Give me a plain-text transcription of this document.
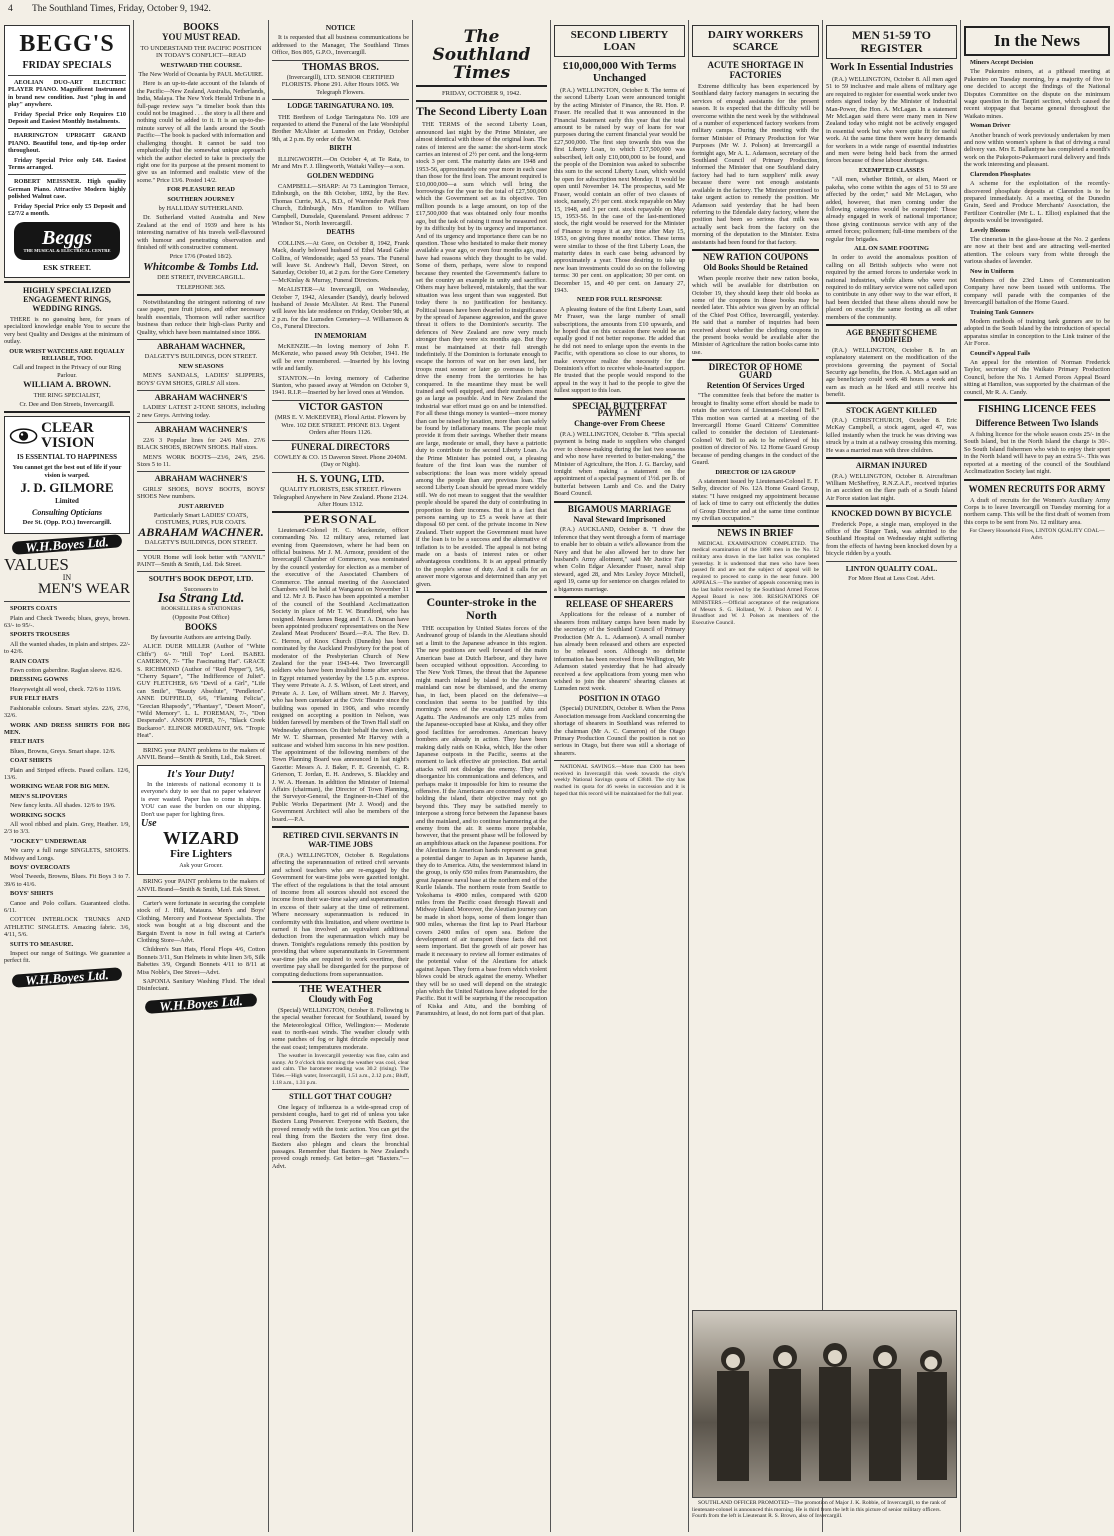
4 The Southland Times, Friday, October 9, 1942.
BEGG'S
FRIDAY SPECIALS

AEOLIAN DUO-ART ELECTRIC PLAYER PIANO. Magnificent Instrument in brand new condition. Just "plug in and play" anywhere.

Friday Special Price only Requires £10 Deposit and Easiest Monthly Instalments.

HARRINGTON UPRIGHT GRAND PIANO. Beautiful tone, and tip-top order throughout.

Friday Special Price only £48. Easiest Terms arranged.

ROBERT MEISSNER. High quality German Piano. Attractive Modern highly polished Walnut case.

Friday Special Price only £5 Deposit and £2/7/2 a month.

Beggs
THE MUSICAL & ELECTRICAL CENTRE
ESK STREET.
HIGHLY SPECIALIZED ENGAGEMENT RINGS, WEDDING RINGS.

THERE is no guessing here, for years of specialized knowledge enable You to secure the very best Quality and Designs at the minimum of outlay.

OUR WRIST WATCHES ARE EQUALLY RELIABLE, TOO.

Call and Inspect in the Privacy of our Ring Parlour.

WILLIAM A. BROWN.

THE RING SPECIALIST,

Cr. Dee and Don Streets, Invercargill.

CLEAR VISION
IS ESSENTIAL TO HAPPINESS

You cannot get the best out of life if your vision is warped.

J. D. GILMORE
Limited
Consulting Opticians
Dee St. (Opp. P.O.) Invercargill.
W.H.Boyes Ltd.
VALUES
IN
MEN'S WEAR

SPORTS COATS

Plain and Check Tweeds; blues, greys, brown. 63/- to 95/-.

SPORTS TROUSERS

All the wanted shades, in plain and stripes. 22/- to 42/6.

RAIN COATS

Fawn cotton gaberdine. Raglan sleeve. 82/6.

DRESSING GOWNS

Heavyweight all wool, check. 72/6 to 119/6.

FUR FELT HATS

Fashionable colours. Smart styles. 22/6, 27/6, 32/6.

WORK AND DRESS SHIRTS FOR BIG MEN.

FELT HATS

Blues, Browns, Greys. Smart shape. 12/6.

COAT SHIRTS

Plain and Striped effects. Fused collars. 12/6, 13/6.

WORKING WEAR FOR BIG MEN.

MEN'S SLIPOVERS

New fancy knits. All shades. 12/6 to 19/6.

WORKING SOCKS

All wool ribbed and plain. Grey, Heather. 1/9, 2/3 to 3/3.

"JOCKEY" UNDERWEAR

We carry a full range SINGLETS, SHORTS. Midway and Longs.

BOYS' OVERCOATS

Wool Tweeds, Browns, Blues. Fit Boys 3 to 7. 39/6 to 41/6.

BOYS' SHIRTS

Canoe and Polo collars. Guaranteed cloths. 6/11.

COTTON INTERLOCK TRUNKS AND ATHLETIC SINGLETS. Amazing fabric. 3/6, 4/11, 5/6.

SUITS TO MEASURE.

Inspect our range of Suitings. We guarantee a perfect fit.

W.H.Boyes Ltd.
BOOKS
YOU MUST READ.

TO UNDERSTAND THE PACIFIC POSITION IN TODAY'S CONFLICT—READ

WESTWARD THE COURSE.

The New World of Oceania by PAUL McGUIRE.

Here is an up-to-date account of the Islands of the Pacific—New Zealand, Australia, Netherlands, India, Malaya. The New York Herald Tribune in a full-page review says "a timelier book than this could not be imagined . . . the story is all there and nothing could be added to it. It is an up-to-the-minute survey of all the lands around the South Pacific—The book is packed with information and challenging thought. It cannot be said too emphatically that the somewhat unique approach which the author elected to take is precisely the right one for its purpose at the present moment to give us an informed and realistic view of the scene." Price 13/6. Posted 14/2.

FOR PLEASURE READ

SOUTHERN JOURNEY

by HALLIDAY SUTHERLAND.

Dr. Sutherland visited Australia and New Zealand at the end of 1939 and here is his interesting narrative of his travels well-flavoured with humour and penetrating observation and finished off with constructive comment.

Price 17/6 (Posted 18/2).

Whitcombe & Tombs Ltd.

DEE STREET, INVERCARGILL.

TELEPHONE 365.

Notwithstanding the stringent rationing of raw case paper, pure fruit juices, and other necessary health essentials, Thomson will rather sacrifice business than reduce their high-class Purity and Quality, which have been maintained since 1866.

ABRAHAM WACHNER,

DALGETY'S BUILDINGS, DON STREET.

NEW SEASONS

MEN'S SANDALS, LADIES' SLIPPERS, BOYS' GYM SHOES, GIRLS' All sizes.

ABRAHAM WACHNER'S

LADIES' LATEST 2-TONE SHOES, including 2 new Greys. Arriving today.

ABRAHAM WACHNER'S

22/6 3 Popular lines for 24/6 Men. 27/6 BLACK SHOES, BROWN SHOES. Half sizes.

MEN'S WORK BOOTS—23/6, 24/6, 25/6. Sizes 5 to 11.

ABRAHAM WACHNER'S

GIRLS' SHOES, BOYS' BOOTS, BOYS' SHOES New numbers.

JUST ARRIVED

Particularly Smart LADIES' COATS, COSTUMES, FURS, FUR COATS.

ABRAHAM WACHNER.

DALGETY'S BUILDINGS, DON STREET.

YOUR Home will look better with "ANVIL" PAINT—Smith & Smith, Ltd. Esk Street.

SOUTH'S BOOK DEPOT, LTD.

Successors to

Isa Strang Ltd.

BOOKSELLERS & STATIONERS

(Opposite Post Office)

BOOKS

By favourite Authors are arriving Daily.

ALICE DUER MILLER (Author of "White Cliffs") 6/- "Hill Top" Lord. ISABEL CAMERON, 7/- "The Fascinating Hat". GRACE S. RICHMOND (Author of "Red Pepper"), 5/6, "Cherry Square", "The Indifference of Juliet". GUY FLETCHER, 6/6 "Devil of a Girl", "Life can Smile", "Beauty Absolute", "Pendleton". ANNE DUFFIELD, 6/6, "Flaming Felicia", "Grecian Rhapsody", "Phantasy", "Desert Moon", "Wild Memory". L. L. FOREMAN, 7/-, "Don Desperado". ANSON PIPER, 7/-, "Black Creek Buckaroo". ELINOR MORDAUNT, 9/6. "Tropic Heat".

BRING your PAINT problems to the makers of ANVIL Brand—Smith & Smith, Ltd., Esk Street.

It's Your Duty!

In the interests of national economy it is everyone's duty to see that no paper whatever is ever wasted. Paper has to come in ships. YOU can ease the burden on our shipping. Don't use paper for lighting fires.

Use
WIZARD
Fire Lighters

Ask your Grocer.

BRING your PAINT problems to the makers of ANVIL Brand—Smith & Smith, Ltd. Esk Street.

Carter's were fortunate in securing the complete stock of J. Hill, Mataura. Men's and Boys' Clothing, Mercery and Footwear Specialists. The stock was bought at a big discount and the Bargain Event is now in full swing at Carter's Clothing Store—Advt.

Children's Sun Hats, Floral Flops 4/6, Cotton Bonnets 3/11, Sun Helmets in white linen 3/6, Silk Babettes 3/9, Organdi Bonnets 4/11 to 8/11 at Miss Noble's, Dee Street—Advt.

SAPONIA Sanitary Washing Fluid. The ideal Disinfectant.

W.H.Boyes Ltd.
NOTICE

It is requested that all business communications be addressed to the Manager, The Southland Times Office, Box 805, G.P.O., Invercargill.

THOMAS BROS.

(Invercargill), LTD. SENIOR CERTIFIED FLORISTS. Phone 291. After Hours 1065. We Telegraph Flowers.

LODGE TARINGATURA NO. 109.

THE Brethren of Lodge Taringatura No. 109 are requested to attend the Funeral of the late Worshipful Brother McAlister at Lumsden on Friday, October 9th, at 2 p.m. By order of the W.M.

BIRTH

ILLINGWORTH.—On October 4, at Te Rata, to Mr and Mrs F. J. Illingworth, Waitaki Valley—a son.

GOLDEN WEDDING

CAMPBELL—SHARP: At 73 Lamington Terrace, Edinburgh, on the 8th October, 1892, by the Rev. Thomas Currie, M.A., B.D., of Warrender Park Free Church, Edinburgh, Mrs Hamilton to William Campbell, Dunsdale, Queensland. Present address: 7 Windsor St., North Invercargill.

DEATHS

COLLINS.—At Gore, on October 8, 1942, Frank Mack, dearly beloved husband of Ethel Maud Gabie Collins, of Wendonside; aged 53 years. The Funeral will leave St. Andrew's Hall, Devon Street, on Saturday, October 10, at 2 p.m. for the Gore Cemetery—McKinlay & Murray, Funeral Directors.

McALISTER—At Invercargill, on Wednesday, October 7, 1942, Alexander (Sandy), dearly beloved husband of Jessie McAlister. At Rest. The Funeral will leave his late residence on Friday, October 9th, at 2 p.m. for the Lumsden Cemetery—J. Williamson & Co., Funeral Directors.

IN MEMORIAM

McKENZIE.—In loving memory of John F. McKenzie, who passed away 9th October, 1941. He will be ever remembered. —Inserted by his loving wife and family.

STANTON.—In loving memory of Catherine Stanton, who passed away at Wendon on October 9, 1941. R.I.P.—Inserted by her loved ones at Wendon.

VICTOR GASTON

(MRS E. V. McKEEVER), Floral Artist. Flowers by Wire. 102 DEE STREET. PHONE 813. Urgent Orders after Hours 1126.

FUNERAL DIRECTORS

COWLEY & CO. 15 Daveron Street. Phone 2040M. (Day or Night).

H. S. YOUNG, LTD.

QUALITY FLORISTS, ESK STREET. Flowers Telegraphed Anywhere in New Zealand. Phone 2124. After Hours 1312.

PERSONAL

Lieutenant-Colonel H. C. Mackenzie, officer commanding No. 12 military area, returned last evening from Queenstown, where he had been on official business. Mr J. M. Armour, president of the Invercargill Chamber of Commerce, was nominated by the council yesterday for election as a member of the executive of the Associated Chambers of Commerce. The annual meeting of the Associated Chambers will be held at Wanganui on November 11 and 12. Mr J. B. Pasco has been appointed a member of the council of the Southland Acclimatization Society in place of Mr T. W. Brandford, who has resigned. Messrs James Begg and T. A. Duncan have been appointed producers' representatives on the New Zealand Meat Producers' Board.—P.A. The Rev. D. C. Herron, of Knox Church (Dunedin) has been nominated by the Auckland Presbytery for the post of moderator of the Presbyterian Church of New Zealand for the year 1943-44. Two Invercargill soldiers who have been invalided home after service in Egypt returned yesterday by the 1.5 p.m. express. They were Private A. J. S. Wilson, of Leet street, and Private A. J. Lee, of William street. Mr J. Harvey, who has been caretaker at the Civic Theatre since the building was opened in 1906, and who recently resigned on accepting a position in Nelson, was bidden farewell by members of the Town Hall staff on Wednesday afternoon. On their behalf the town clerk, Mr W. T. Sharman, presented Mr Harvey with a suitcase and wished him success in his new position. The appointment of the following members of the Town Planning Board was announced in last night's Gazette: Messrs A. J. Baker, F. E. Greenish, C. R. Grierson, T. Jordan, E. H. Andrews, S. Blackley and J. W. A. Heenan. In addition the Minister of Internal Affairs (chairman), the Director of Town Planning, the Surveyor-General, the Engineer-in-Chief of the Public Works Department (Mr J. Wood) and the Government Architect will also be members of the board.—P.A.

RETIRED CIVIL SERVANTS IN WAR-TIME JOBS

(P.A.) WELLINGTON, October 8. Regulations affecting the superannuation of retired civil servants and school teachers who are re-engaged by the Government for war-time jobs were gazetted tonight. The effect of the regulations is that the total amount of income from all sources should not exceed the income from their war-time salary and superannuation in excess of their salary at the time of retirement. Where necessary superannuation is reduced in conformity with this limitation, and where overtime is earned it has involved an equivalent additional deduction from the superannuation which may be drawn. Tonight's regulations remedy this position by providing that where superannuitants in Government war-time jobs are required to work overtime, their overtime pay shall be disregarded for the purpose of computing deductions from superannuation.

THE WEATHER
Cloudy with Fog

(Special) WELLINGTON, October 8. Following is the special weather forecast for Southland, issued by the Meteorological Office, Wellington:— Moderate east to north-east winds. The weather cloudy with some patches of fog or light drizzle especially near the east coast; temperatures moderate.

The weather in Invercargill yesterday was fine, calm and sunny. At 9 o'clock this morning the weather was cool, clear and calm. The barometer reading was 30.2 (rising). The Tides.—High water, Invercargill, 1.51 a.m., 2.12 p.m.; Bluff, 1.18 a.m., 1.31 p.m.

STILL GOT THAT COUGH?

One legacy of influenza is a wide-spread crop of persistent coughs, hard to get rid of unless you take Baxters Lung Preserver. Everyone with Baxters, the proved remedy with the tonic action. You can get the real thing from the Baxters the very first dose. Baxters also phlegm and clears the bronchial passages. Remember that Baxters is New Zealand's proved cough remedy. Get better—get "Baxters."—Advt.

The Southland Times
FRIDAY, OCTOBER 9, 1942.
The Second Liberty Loan

THE TERMS of the second Liberty Loan, announced last night by the Prime Minister, are almost identical with those of the original loan. The rates of interest are the same: the short-term stock carries an interest of 2½ per cent. and the long-term stock 3 per cent. The maturity dates are 1948 and 1953-56, approximately one year more in each case than those for the first loan. The amount required is £10,000,000—a sum which will bring the borrowings for the year to the total of £27,500,000 which the Government set as its objective. Ten million pounds is a large amount, on top of the £17,500,000 that was obtained only four months ago, but the task of raising it must be measured not by its difficulty but by its urgency and importance. And of its urgency and importance there can be no question. Those who hesitated to make their money available a year ago, or even four months ago, may have had reasons which they thought to be valid. Some of them, perhaps, were slow to respond because they resented the Government's failure to set the country an example in unity and sacrifice. Others may have believed, mistakenly, that the war situation was less urgent than was suggested. But today there is no justification for hesitancy. Political issues have been dwarfed to insignificance by the spread of Japanese aggression, and the grave threat it offers to the Dominion's security. The defences of New Zealand are now very much stronger than they were six months ago. But they must be maintained at their full strength indefinitely. If the Dominion is fortunate enough to escape the horrors of war on her own land, her troops must sooner or later go overseas to help drive the enemy from the territories he has conquered. In the meantime they must be well trained and well equipped, and their numbers must go as large as possible. And in New Zealand the industrial war effort must go on and be intensified. For all these things money is wanted—more money than can be raised by taxation, more than can safely be found by inflationary means. The people must provide it from their savings. Whether their means are large, moderate or small, they have a patriotic duty to contribute to the second Liberty Loan. As the Prime Minister has pointed out, a pleasing feature of the first loan was the number of subscriptions: the loan was more widely spread among the people than any previous loan. The second Liberty Loan should be spread more widely still. We do not mean to suggest that the wealthier people should be spared the duty of contributing in proportion to their incomes. But it is a fact that persons earning up to £5 a week have at their disposal 60 per cent. of the private income in New Zealand. Their support the Government must have if the loan is to be a success and the alternative of inflation is to be avoided. The appeal is not being made on a basis of interest rates or other advantageous conditions. It is an appeal primarily to the people's sense of duty. And it calls for an answer more vigorous and determined than any yet given.

Counter-stroke in the North

THE occupation by United States forces of the Andreanof group of islands in the Aleutians should set a limit to the Japanese advance in this region. The new positions are well forward of the main American base at Dutch Harbour, and they have been occupied without opposition. According to The New York Times, the threat that the Japanese might march inland by island to the American mainland can now be dismissed, and the enemy has, in fact, been placed on the defensive—a conclusion that seems to be justified by this morning's news of the evacuation of Attu and Agattu. The Andreanofs are only 125 miles from the Japanese-occupied base at Kiska, and they offer good facilities for aerodromes. American heavy bombers are already in action. They have been making daily raids on Kiska, which, like the other Japanese outposts in the Pacific, seems at the moment to lack effective air protection. But aerial attacks will not dislodge the enemy. They will disorganize his communications and defences, and perhaps make it impossible for him to resume the offensive. If the Americans are concerned only with holding the island, their objective may not go beyond this. They may be satisfied merely to interpose a strong force between the Japanese bases and the mainland, and to continue hammering at the enemy from the air. It seems more probable, however, that the present phase will be followed by an amphibious attack on the Japanese positions. For the Aleutians in American hands represent as great a potential danger to Japan as in Japanese hands, they do to America. Attu, the westernmost island in the group, is only 650 miles from Paramushiro, the great Japanese naval base at the northern end of the Kurile Islands. The northern route from Seattle to Yokohama is 4900 miles, compared with 6200 miles from the Pacific coast through Hawaii and Midway Island. Moreover, the Aleutian journey can be made in short hops, some of them longer than 900 miles, whereas the first lap to Pearl Harbour covers 2400 miles of open sea. Before the development of air transport these facts did not seem important. But the growth of air power has made it necessary to review all former estimates of the potential value of the Aleutians for attack against Japan. They form a base from which violent blows could be struck against the enemy. Whether they will be so used will depend on the strategic plan which the United Nations have adopted for the Pacific. But it will be surprising if the reoccupation of Kiska and Attu, and the bombing of Paramushiro, at least, do not form part of that plan.

SECOND LIBERTY LOAN
£10,000,000 With Terms Unchanged

(P.A.) WELLINGTON, October 8. The terms of the second Liberty Loan were announced tonight by the acting Minister of Finance, the Rt. Hon. P. Fraser. He recalled that it was announced in the Financial Statement early this year that the total amount to be raised by way of loans for war purposes during the current financial year would be £27,500,000. The first step towards this was the first Liberty Loan, to which £17,500,000 was subscribed, left only £10,000,000 to be found, and the people of the Dominion was asked to subscribe this sum to the second Liberty Loan, which would be open for subscription next Monday. It would be open until November 14. The prospectus, said Mr Fraser, would contain an offer of two classes of stock, namely, 2½ per cent. stock repayable on May 15, 1948, and 3 per cent. stock repayable on May 15, 1953-56. In the case of the last-mentioned stock, the right would be reserved for the Minister of Finance to repay it at any time after May 15, 1953, on giving three months' notice. These terms were similar to those of the first Liberty Loan, the maturity dates in each case being advanced by approximately a year. Those desiring to take up new loan investments could do so on the following terms: 30 per cent. on application; 30 per cent. on December 15, and 40 per cent. on January 27, 1943.

NEED FOR FULL RESPONSE

A pleasing feature of the first Liberty Loan, said Mr Fraser, was the large number of small subscriptions, the amounts from £10 upwards, and he hoped that on this occasion there would be an equally good if not better response. He added that he did not need to enlarge upon the events in the Pacific, with operations so close to our shores, to make everyone realize the necessity for the Dominion's effort to receive whole-hearted support. He trusted that the people would respond to the appeal in the way it had to the people to give the fullest support to this loan.

SPECIAL BUTTERFAT PAYMENT
Change-over From Cheese

(P.A.) WELLINGTON, October 8. "This special payment is being made to suppliers who changed over to cheese-making during the last two seasons and who now have reverted to butter-making," the Minister of Agriculture, the Hon. J. G. Barclay, said tonight when making a statement on the appointment of a special payment of 1½d. per lb. of butterfat between Lamb and Co. and the Dairy Board Council.

BIGAMOUS MARRIAGE
Naval Steward Imprisoned

(P.A.) AUCKLAND, October 8. "I draw the inference that they went through a form of marriage to enable her to obtain a wife's allowance from the Navy and that he also allowed her to draw her husband's Army allotment," said Mr Justice Fair when Colin Edgar Alexander Fraser, naval ship steward, aged 28, and Mrs Lesley Joyce Mitchell, aged 19, came up for sentence on charges related to a bigamous marriage.

RELEASE OF SHEARERS

Applications for the release of a number of shearers from military camps have been made by the secretary of the Southland Council of Primary Production (Mr A. L. Adamson). A small number has already been released and others are expected to be released soon. Although no definite information has been received from Wellington, Mr Adamson stated yesterday that he had already received a few applications from young men who wished to join the shearers' shearing classes at Lumsden next week.

POSITION IN OTAGO

(Special) DUNEDIN, October 8. When the Press Association message from Auckland concerning the shortage of shearers in Southland was referred to the chairman (Mr A. C. Cameron) of the Otago Primary Production Council the position is not so serious in Otago, but there was still a shortage of shearers.

NATIONAL SAVINGS.—More than £300 has been received in Invercargill this week towards the city's weekly National Savings quota of £3840. The city has reached its quota for 46 weeks in succession and it is hoped that this record will be maintained for the full year.

DAIRY WORKERS SCARCE
ACUTE SHORTAGE IN FACTORIES

Extreme difficulty has been experienced by Southland dairy factory managers in securing the services of enough assistants for the present season. It is expected that the difficulty will be overcome within the next week by the withdrawal of a number of experienced factory workers from military camps. During the meeting with the former Minister of Primary Production for War Purposes (Mr W. J. Polson) at Invercargill a fortnight ago, Mr A. L. Adamson, secretary of the Southland Council of Primary Production, informed the Minister that one Southland dairy factory had had to turn suppliers' milk away because there were not enough assistants available in the factory. The Minister promised to take urgent action to remedy the position. Mr Adamson said yesterday that he had been referring to the Edendale dairy factory, where the position had been so serious that milk was actually sent back from the factory on the morning of the deputation to the Minister. Extra assistants had been found for that factory.

NEW RATION COUPONS
Old Books Should be Retained

When people receive their new ration books, which will be available for distribution on October 19, they should keep their old books as some of the coupons in those books may be needed later. This advice was given by an official of the Chief Post Office, Invercargill, yesterday. He said that a number of inquiries had been received about whether the clothing coupons in the present books would be available after the Minister of Agriculture the ration books came into use.

DIRECTOR OF HOME GUARD
Retention Of Services Urged

"The committee feels that before the matter is brought to finality some effort should be made to retain the services of Lieutenant-Colonel Bell." This motion was carried at a meeting of the Invercargill Home Guard Citizens' Committee called to consider the decision of Lieutenant-Colonel W. Bell to ask to be relieved of his position of director of No. 12 Home Guard Group because of pending changes in the conduct of the Guard.

DIRECTOR OF 12A GROUP

A statement issued by Lieutenant-Colonel E. F. Selby, director of No. 12A Home Guard Group, states: "I have resigned my appointment because of lack of time to carry out efficiently the duties of Group Director and at the same time continue my civilian occupation."

NEWS IN BRIEF

MEDICAL EXAMINATION COMPLETED. The medical examination of the 1898 men in the No. 12 military area drawn in the last ballot was completed yesterday. It is understood that men who have been passed fit and are not the subject of appeal will be required to proceed to camp in the near future. 300 APPEALS.—The number of appeals concerning men in the last ballot received by the Southland Armed Forces Appeal Board is now 300. RESIGNATIONS OF MINISTERS.—Official acceptance of the resignations of Messrs S. G. Holland, W. J. Polson and W. J. Broadfoot and W. J. Polson as members of the Executive Council.

MEN 51-59 TO REGISTER
Work In Essential Industries

(P.A.) WELLINGTON, October 8. All men aged 51 to 59 inclusive and male aliens of military age are required to register for essential work under two orders signed today by the Minister of Industrial Man-Power, the Hon. A. McLagan. In a statement Mr McLagan said there were many men in New Zealand today who might not be actively engaged in essential work but who were quite fit for useful work. At the same time there were heavy demands for workers in a wide range of essential industries and men were being held back from the armed forces because of these labour shortages.

EXEMPTED CLASSES

"All men, whether British, or alien, Maori or pakeha, who come within the ages of 51 to 59 are affected by the order," said Mr McLagan, who added, however, that men coming under the following categories would be exempted: Those already engaged in work of national importance; those giving continuous service with any of the armed forces; policemen; full-time members of the regular fire brigades.

ALL ON SAME FOOTING

In order to avoid the anomalous position of calling on all British subjects who were not required by the armed forces to undertake work in national industries, while aliens who were not required to do military service were not called upon to contribute in any other way to the war effort, it had been decided that these aliens should now be placed on exactly the same footing as all other members of the community.

AGE BENEFIT SCHEME MODIFIED

(P.A.) WELLINGTON, October 8. In an explanatory statement on the modification of the provisions governing the payment of Social Security age benefits, the Hon. A. McLagan said an age beneficiary could work 48 hours a week and earn as much as he liked and still receive his benefit.

STOCK AGENT KILLED

(P.A.) CHRISTCHURCH, October 8. Eric McKay Campbell, a stock agent, aged 47, was killed instantly when the truck he was driving was struck by a train at a railway crossing this morning. He was a married man with three children.

AIRMAN INJURED

(P.A.) WELLINGTON, October 8. Aircraftman William McSheffrey, R.N.Z.A.F., received injuries in an accident on the flare path of a South Island Air Force station last night.

KNOCKED DOWN BY BICYCLE

Frederick Pope, a single man, employed in the office of the Singer Tank, was admitted to the Southland Hospital on Wednesday night suffering from the effects of having been knocked down by a bicycle ridden by a youth.

LINTON QUALITY COAL.

For More Heat at Less Cost. Advt.

SOUTHLAND OFFICER PROMOTED—The promotion of Major J. K. Robbie, of Invercargill, to the rank of lieutenant-colonel is announced this morning. He is third from the left in this picture of senior military officers. Fourth from the left is Lieutenant R. S. Brown, also of Invercargill.

In the News

Miners Accept Decision

The Pukemiro miners, at a pithead meeting at Pukemiro on Tuesday morning, by a majority of five to one decided to accept the findings of the National Disputes Committee on the dispute on the minimum wage question in the Taupiri section, which caused the recent stoppage that became general throughout the Waikato mines.

Woman Driver

Another branch of work previously undertaken by men and now within women's sphere is that of driving a rural delivery van. Mrs E. Ballantyne has completed a month's work on the Pukepoto-Pukemaori rural delivery and finds the work interesting and pleasant.

Clarendon Phosphates

A scheme for the exploitation of the recently-discovered phosphate deposits at Clarendon is to be prepared immediately. At a meeting of the Dunedin Grain, Seed and Produce Merchants' Association, the Fertilizer Controller (Mr L. L. Elliot) explained that the deposits would be investigated.

Lovely Blooms

The cinerarias in the glass-house at the No. 2 gardens are now at their best and are attracting well-merited attention. The colours vary from white through the various shades of lavender.

Now in Uniform

Members of the 23rd Lines of Communication Company have now been issued with uniforms. The company will parade with the companies of the Invercargill battalion of the Home Guard.

Training Tank Gunners

Modern methods of training tank gunners are to be adopted in the South Island by the introduction of special apparatus similar in conception to the Link trainer of the Air Force.

Council's Appeal Fails

An appeal for the retention of Norman Frederick Taylor, secretary of the Waikato Primary Production Council, before the No. 1 Armed Forces Appeal Board sitting at Hamilton, was supported by the chairman of the council, Mr R. A. Candy.

FISHING LICENCE FEES
Difference Between Two Islands

A fishing licence for the whole season costs 25/- in the South Island, but in the North Island the charge is 30/-. So South Island fishermen who wish to enjoy their sport in the North Island will have to pay an extra 5/-. This was reported at a meeting of the council of the Southland Acclimatization Society last night.

WOMEN RECRUITS FOR ARMY

A draft of recruits for the Women's Auxiliary Army Corps is to leave Invercargill on Tuesday morning for a northern camp. This will be the first draft of women from this corps to be sent from No. 12 military area.

For Cheery Household Fires, LINTON QUALITY COAL—Advt.
